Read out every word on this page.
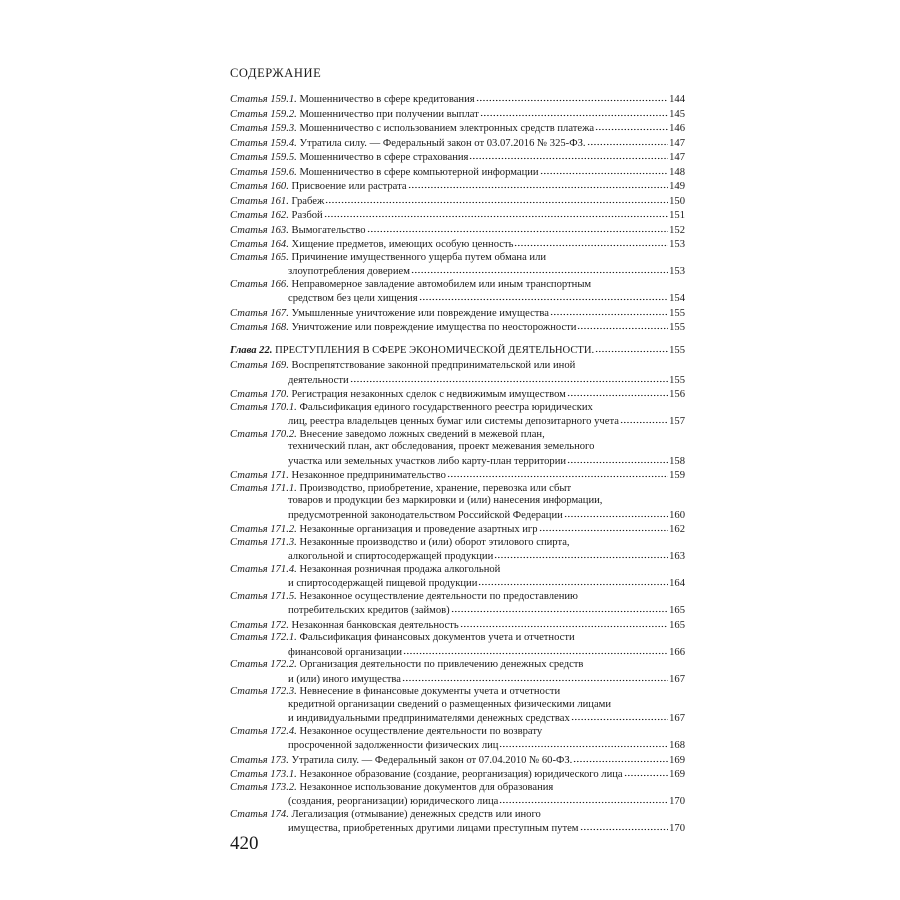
СОДЕРЖАНИЕ
Статья 159.1.
Мошенничество в сфере кредитования	144
Статья 159.2.
Мошенничество при получении выплат	145
Статья 159.3.
Мошенничество с использованием электронных средств платежа	146
Статья 159.4.
Утратила силу. — Федеральный закон от 03.07.2016 № 325-ФЗ.	147
Статья 159.5.
Мошенничество в сфере страхования	147
Статья 159.6.
Мошенничество в сфере компьютерной информации	148
Статья 160.
Присвоение или растрата	149
Статья 161.
Грабеж	150
Статья 162.
Разбой	151
Статья 163.
Вымогательство	152
Статья 164.
Хищение предметов, имеющих особую ценность	153
Статья 165.
Причинение имущественного ущерба путем обмана или
злоупотребления доверием	153
Статья 166.
Неправомерное завладение автомобилем или иным транспортным
средством без цели хищения	154
Статья 167.
Умышленные уничтожение или повреждение имущества	155
Статья 168.
Уничтожение или повреждение имущества по неосторожности	155
Глава 22.
ПРЕСТУПЛЕНИЯ В СФЕРЕ ЭКОНОМИЧЕСКОЙ ДЕЯТЕЛЬНОСТИ.	155
Статья 169.
Воспрепятствование законной предпринимательской или иной
деятельности	155
Статья 170.
Регистрация незаконных сделок с недвижимым имуществом	156
Статья 170.1.
Фальсификация единого государственного реестра юридических
лиц, реестра владельцев ценных бумаг или системы депозитарного учета	157
Статья 170.2.
Внесение заведомо ложных сведений в межевой план,
технический план, акт обследования, проект межевания земельного
участка или земельных участков либо карту-план территории	158
Статья 171.
Незаконное предпринимательство	159
Статья 171.1.
Производство, приобретение, хранение, перевозка или сбыт
товаров и продукции без маркировки и (или) нанесения информации,
предусмотренной законодательством Российской Федерации	160
Статья 171.2.
Незаконные организация и проведение азартных игр	162
Статья 171.3.
Незаконные производство и (или) оборот этилового спирта,
алкогольной и спиртосодержащей продукции	163
Статья 171.4.
Незаконная розничная продажа алкогольной
и спиртосодержащей пищевой продукции	164
Статья 171.5.
Незаконное осуществление деятельности по предоставлению
потребительских кредитов (займов)	165
Статья 172.
Незаконная банковская деятельность	165
Статья 172.1.
Фальсификация финансовых документов учета и отчетности
финансовой организации	166
Статья 172.2.
Организация деятельности по привлечению денежных средств
и (или) иного имущества	167
Статья 172.3.
Невнесение в финансовые документы учета и отчетности
кредитной организации сведений о размещенных физическими лицами
и индивидуальными предпринимателями денежных средствах	167
Статья 172.4.
Незаконное осуществление деятельности по возврату
просроченной задолженности физических лиц	168
Статья 173.
Утратила силу. — Федеральный закон от 07.04.2010 № 60-ФЗ.	169
Статья 173.1.
Незаконное образование (создание, реорганизация) юридического лица	169
Статья 173.2.
Незаконное использование документов для образования
(создания, реорганизации) юридического лица	170
Статья 174.
Легализация (отмывание) денежных средств или иного
имущества, приобретенных другими лицами преступным путем	170
420
